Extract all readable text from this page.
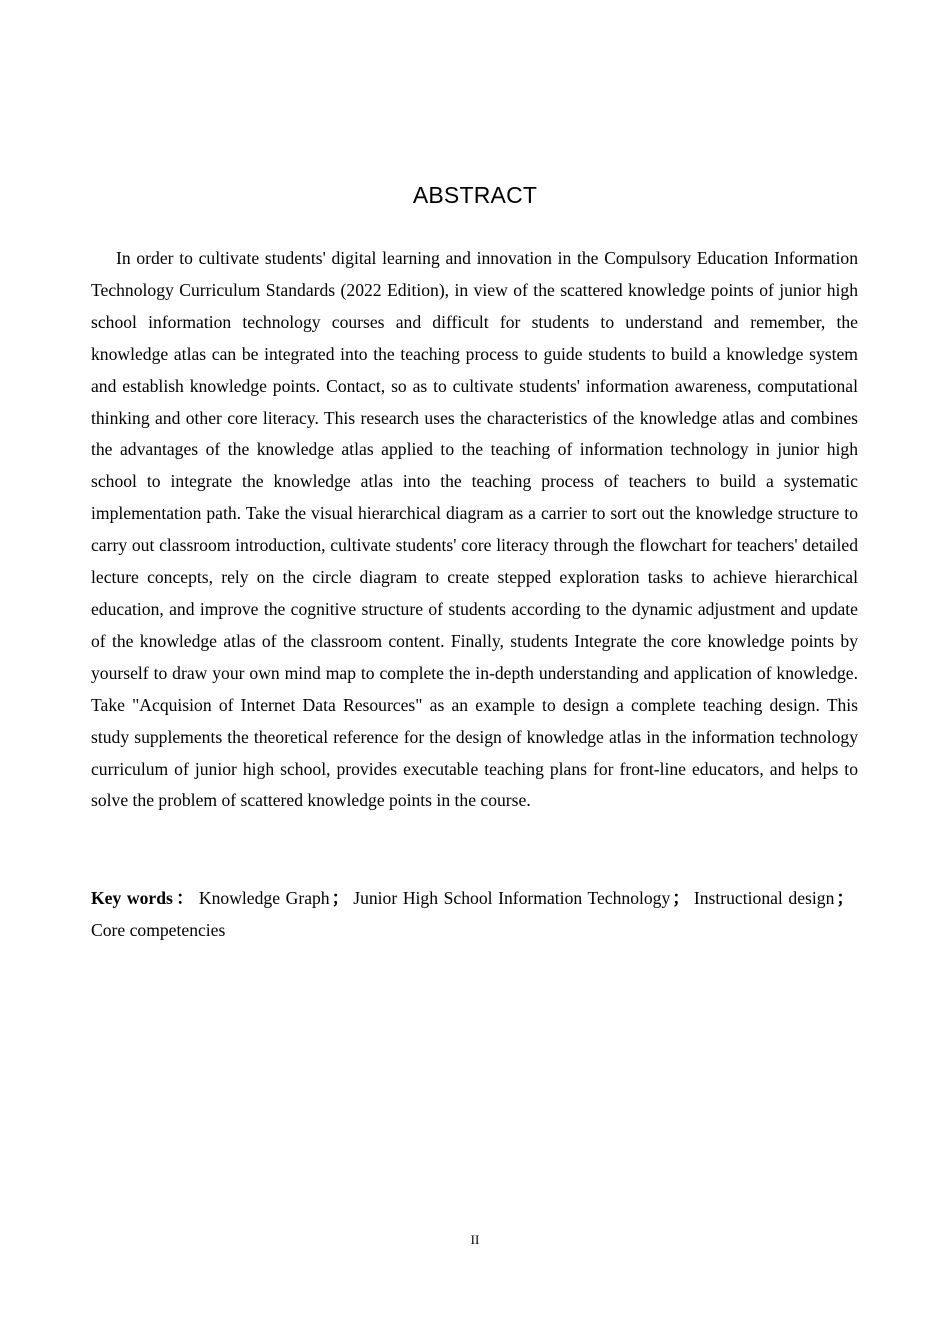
ABSTRACT

In order to cultivate students' digital learning and innovation in the Compulsory Education Information Technology Curriculum Standards (2022 Edition), in view of the scattered knowledge points of junior high school information technology courses and difficult for students to understand and remember, the knowledge atlas can be integrated into the teaching process to guide students to build a knowledge system and establish knowledge points. Contact, so as to cultivate students' information awareness, computational thinking and other core literacy. This research uses the characteristics of the knowledge atlas and combines the advantages of the knowledge atlas applied to the teaching of information technology in junior high school to integrate the knowledge atlas into the teaching process of teachers to build a systematic implementation path. Take the visual hierarchical diagram as a carrier to sort out the knowledge structure to carry out classroom introduction, cultivate students' core literacy through the flowchart for teachers' detailed lecture concepts, rely on the circle diagram to create stepped exploration tasks to achieve hierarchical education, and improve the cognitive structure of students according to the dynamic adjustment and update of the knowledge atlas of the classroom content. Finally, students Integrate the core knowledge points by yourself to draw your own mind map to complete the in-depth understanding and application of knowledge. Take "Acquision of Internet Data Resources" as an example to design a complete teaching design. This study supplements the theoretical reference for the design of knowledge atlas in the information technology curriculum of junior high school, provides executable teaching plans for front-line educators, and helps to solve the problem of scattered knowledge points in the course.

Key words ： Knowledge Graph ； Junior High School Information Technology ； Instructional design ；Core competencies

II
